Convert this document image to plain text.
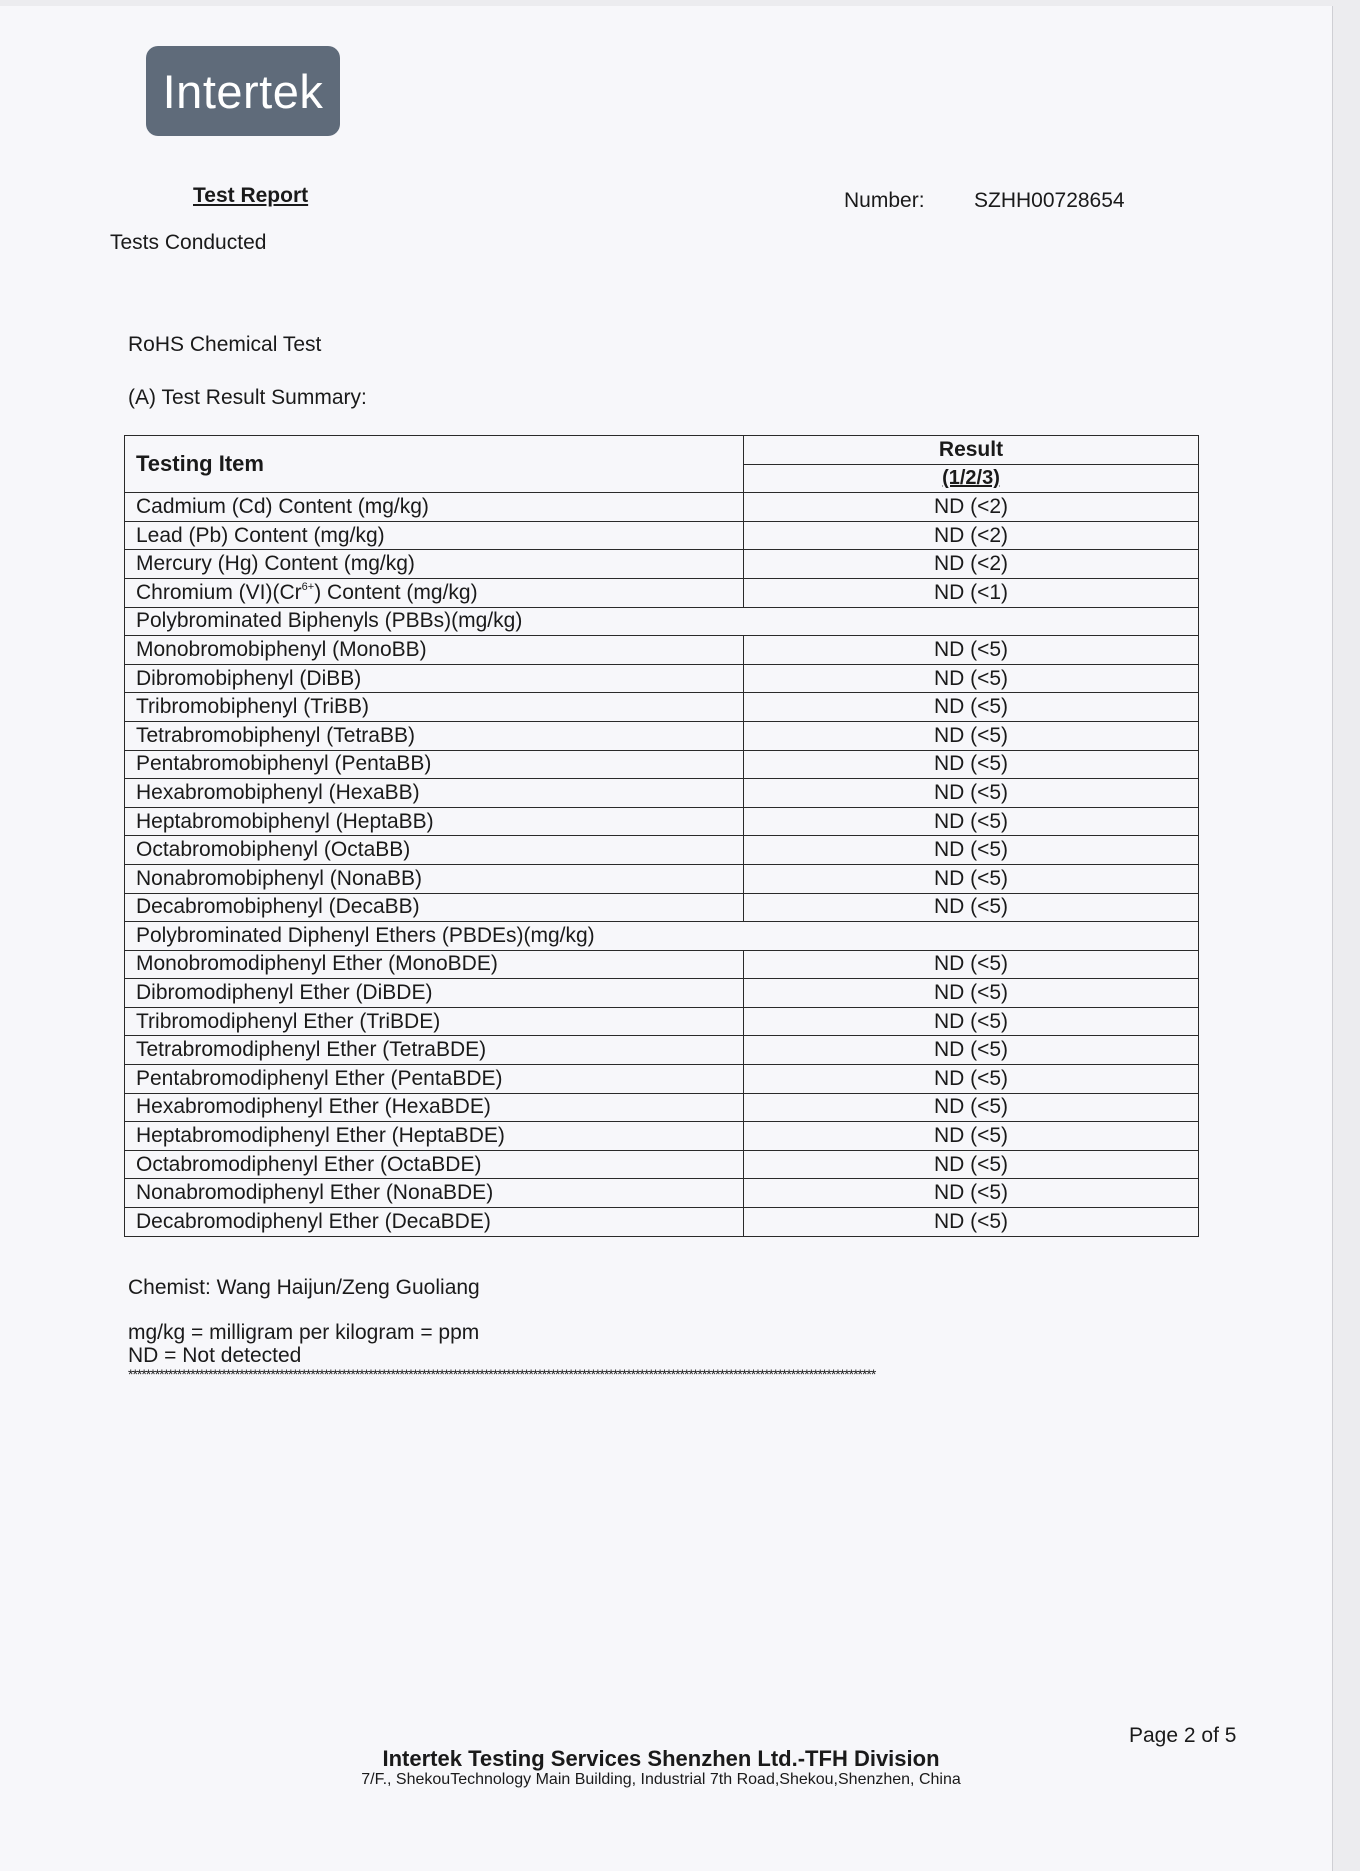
Intertek
Test Report	Number: SZHH00728654
Tests Conducted
RoHS Chemical Test
(A) Test Result Summary:
Testing Item	Result
	(1/2/3)
Cadmium (Cd) Content (mg/kg)	ND (<2)
Lead (Pb) Content (mg/kg)	ND (<2)
Mercury (Hg) Content (mg/kg)	ND (<2)
Chromium $(VI)(Cr^{6+})$ Content (mg/kg)	ND (<1)
Polybrominated Biphenyls (PBBs)(mg/kg)	
Monobromobiphenyl (MonoBB)	ND (<5)
Dibromobiphenyl (DiBB)	ND (<5)
Tribromobiphenyl (TriBB)	ND (<5)
Tetrabromobiphenyl (TetraBB)	ND (<5)
Pentabromobiphenyl (PentaBB)	ND (<5)
Hexabromobiphenyl (HexaBB)	ND (<5)
Heptabromobiphenyl (HeptaBB)	ND (<5)
Octabromobiphenyl (OctaBB)	ND (<5)
Nonabromobiphenyl (NonaBB)	ND (<5)
Decabromobiphenyl (DecaBB)	ND (<5)
Polybrominated Diphenyl Ethers (PBDEs)(mg/kg)	
Monobromodiphenyl Ether (MonoBDE)	ND (<5)
Dibromodiphenyl Ether (DiBDE)	ND (<5)
Tribromodiphenyl Ether (TriBDE)	ND (<5)
Tetrabromodiphenyl Ether (TetraBDE)	ND (<5)
Pentabromodiphenyl Ether (PentaBDE)	ND (<5)
Hexabromodiphenyl Ether (HexaBDE)	ND (<5)
Heptabromodiphenyl Ether (HeptaBDE)	ND (<5)
Octabromodiphenyl Ether (OctaBDE)	ND (<5)
Nonabromodiphenyl Ether (NonaBDE)	ND (<5)
Decabromodiphenyl Ether (DecaBDE)	ND (<5)
Chemist: Wang Haijun/Zeng Guoliang
mg/kg = milligram per kilogram = ppm
ND = Not detected
************************************************************************************************************************************************************************
Page 2 of 5
Intertek Testing Services Shenzhen Ltd.-TFH Division
7/F., ShekouTechnology Main Building, Industrial 7th Road,Shekou,Shenzhen, China
